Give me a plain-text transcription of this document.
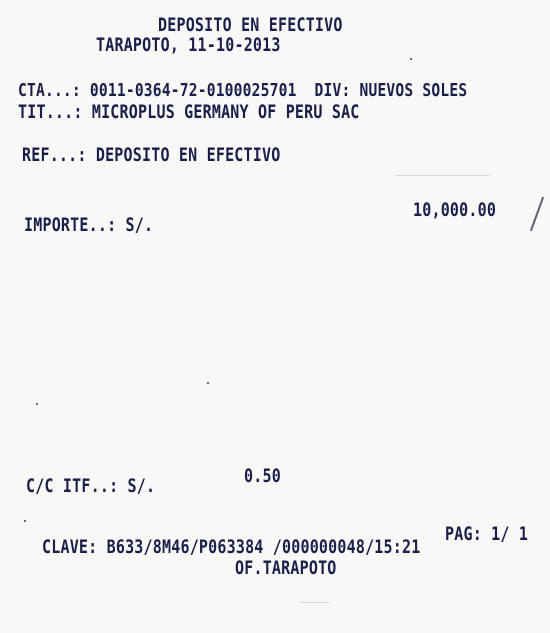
DEPOSITO EN EFECTIVO
TARAPOTO, 11-10-2013
CTA...: 0011-0364-72-0100025701  DIV: NUEVOS SOLES
TIT...: MICROPLUS GERMANY OF PERU SAC
REF...: DEPOSITO EN EFECTIVO
IMPORTE..: S/.
10,000.00
C/C ITF..: S/.	0.50
PAG: 1/ 1
CLAVE: B633/8M46/P063384 /000000048/15:21
OF.TARAPOTO
